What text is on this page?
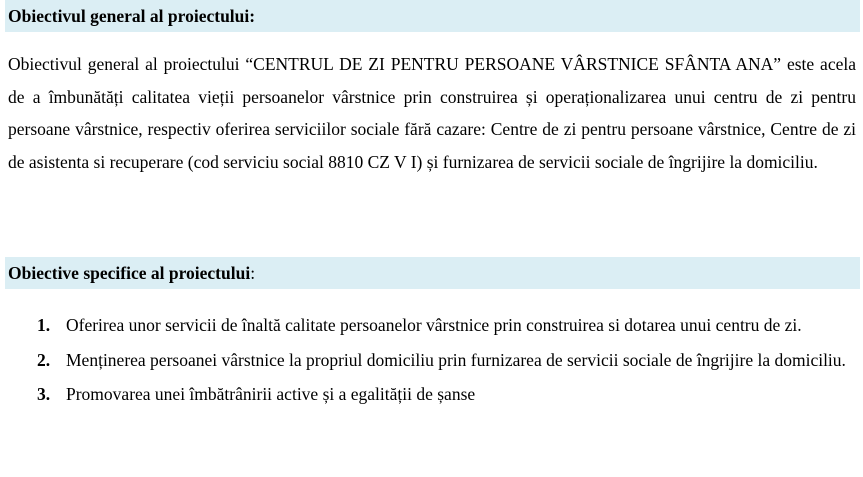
Obiectivul general al proiectului:

Obiectivul general al proiectului “CENTRUL DE ZI PENTRU PERSOANE VÂRSTNICE SFÂNTA ANA” este acela de a îmbunătăți calitatea vieții persoanelor vârstnice prin construirea și operaționalizarea unui centru de zi pentru persoane vârstnice, respectiv oferirea serviciilor sociale fără cazare: Centre de zi pentru persoane vârstnice, Centre de zi de asistenta si recuperare (cod serviciu social 8810 CZ V I) și furnizarea de servicii sociale de îngrijire la domiciliu.

Obiective specifice al proiectului:
1. Oferirea unor servicii de înaltă calitate persoanelor vârstnice prin construirea si dotarea unui centru de zi.
2. Menținerea persoanei vârstnice la propriul domiciliu prin furnizarea de servicii sociale de îngrijire la domiciliu.
3. Promovarea unei îmbătrânirii active și a egalității de șanse
